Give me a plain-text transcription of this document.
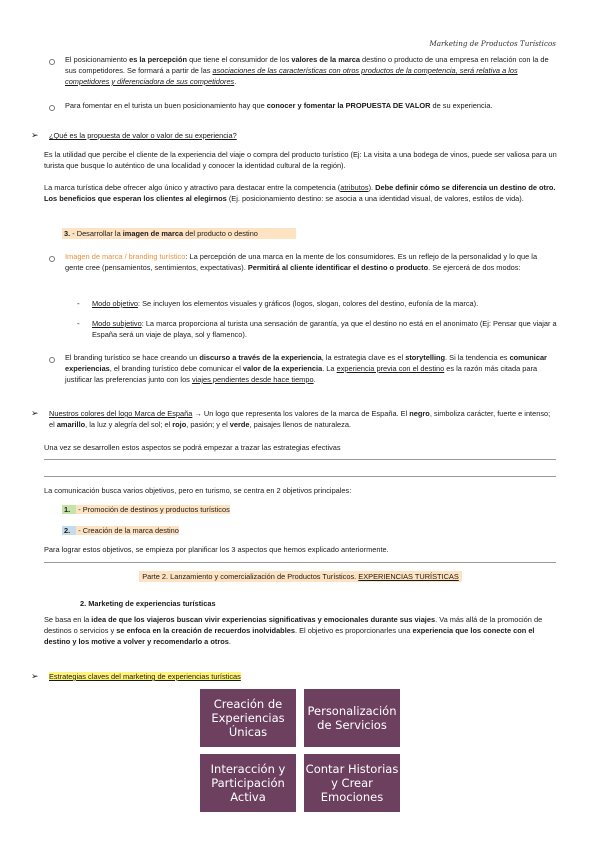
Marketing de Productos Turísticos
El posicionamiento es la percepción que tiene el consumidor de los valores de la marca destino o producto de una empresa en relación con la de sus competidores. Se formará a partir de las asociaciones de las características con otros productos de la competencia, será relativa a los competidores y diferenciadora de sus competidores.
Para fomentar en el turista un buen posicionamiento hay que conocer y fomentar la PROPUESTA DE VALOR de su experiencia.
➢ ¿Qué es la propuesta de valor o valor de su experiencia?
Es la utilidad que percibe el cliente de la experiencia del viaje o compra del producto turístico (Ej: La visita a una bodega de vinos, puede ser valiosa para un turista que busque lo auténtico de una localidad y conocer la identidad cultural de la región).
La marca turística debe ofrecer algo único y atractivo para destacar entre la competencia (atributos). Debe definir cómo se diferencia un destino de otro. Los beneficios que esperan los clientes al elegirnos (Ej. posicionamiento destino: se asocia a una identidad visual, de valores, estilos de vida).
3. - Desarrollar la imagen de marca del producto o destino
Imagen de marca / branding turístico: La percepción de una marca en la mente de los consumidores. Es un reflejo de la personalidad y lo que la gente cree (pensamientos, sentimientos, expectativas). Permitirá al cliente identificar el destino o producto. Se ejercerá de dos modos:
- Modo objetivo: Se incluyen los elementos visuales y gráficos (logos, slogan, colores del destino, eufonía de la marca).
- Modo subjetivo: La marca proporciona al turista una sensación de garantía, ya que el destino no está en el anonimato (Ej: Pensar que viajar a España será un viaje de playa, sol y flamenco).
El branding turístico se hace creando un discurso a través de la experiencia, la estrategia clave es el storytelling. Si la tendencia es comunicar experiencias, el branding turístico debe comunicar el valor de la experiencia. La experiencia previa con el destino es la razón más citada para justificar las preferencias junto con los viajes pendientes desde hace tiempo.
➢ Nuestros colores del logo Marca de España → Un logo que representa los valores de la marca de España. El negro, simboliza carácter, fuerte e intenso; el amarillo, la luz y alegría del sol; el rojo, pasión; y el verde, paisajes llenos de naturaleza.
Una vez se desarrollen estos aspectos se podrá empezar a trazar las estrategias efectivas
La comunicación busca varios objetivos, pero en turismo, se centra en 2 objetivos principales:
1. - Promoción de destinos y productos turísticos
2. - Creación de la marca destino
Para lograr estos objetivos, se empieza por planificar los 3 aspectos que hemos explicado anteriormente.
Parte 2. Lanzamiento y comercialización de Productos Turísticos. EXPERIENCIAS TURÍSTICAS
2. Marketing de experiencias turísticas
Se basa en la idea de que los viajeros buscan vivir experiencias significativas y emocionales durante sus viajes. Va más allá de la promoción de destinos o servicios y se enfoca en la creación de recuerdos inolvidables. El objetivo es proporcionarles una experiencia que los conecte con el destino y los motive a volver y recomendarlo a otros.
➢ Estrategias claves del marketing de experiencias turísticas
Creación de
Experiencias
Únicas
Personalización
de Servicios
Interacción y
Participación
Activa
Contar Historias
y Crear
Emociones
